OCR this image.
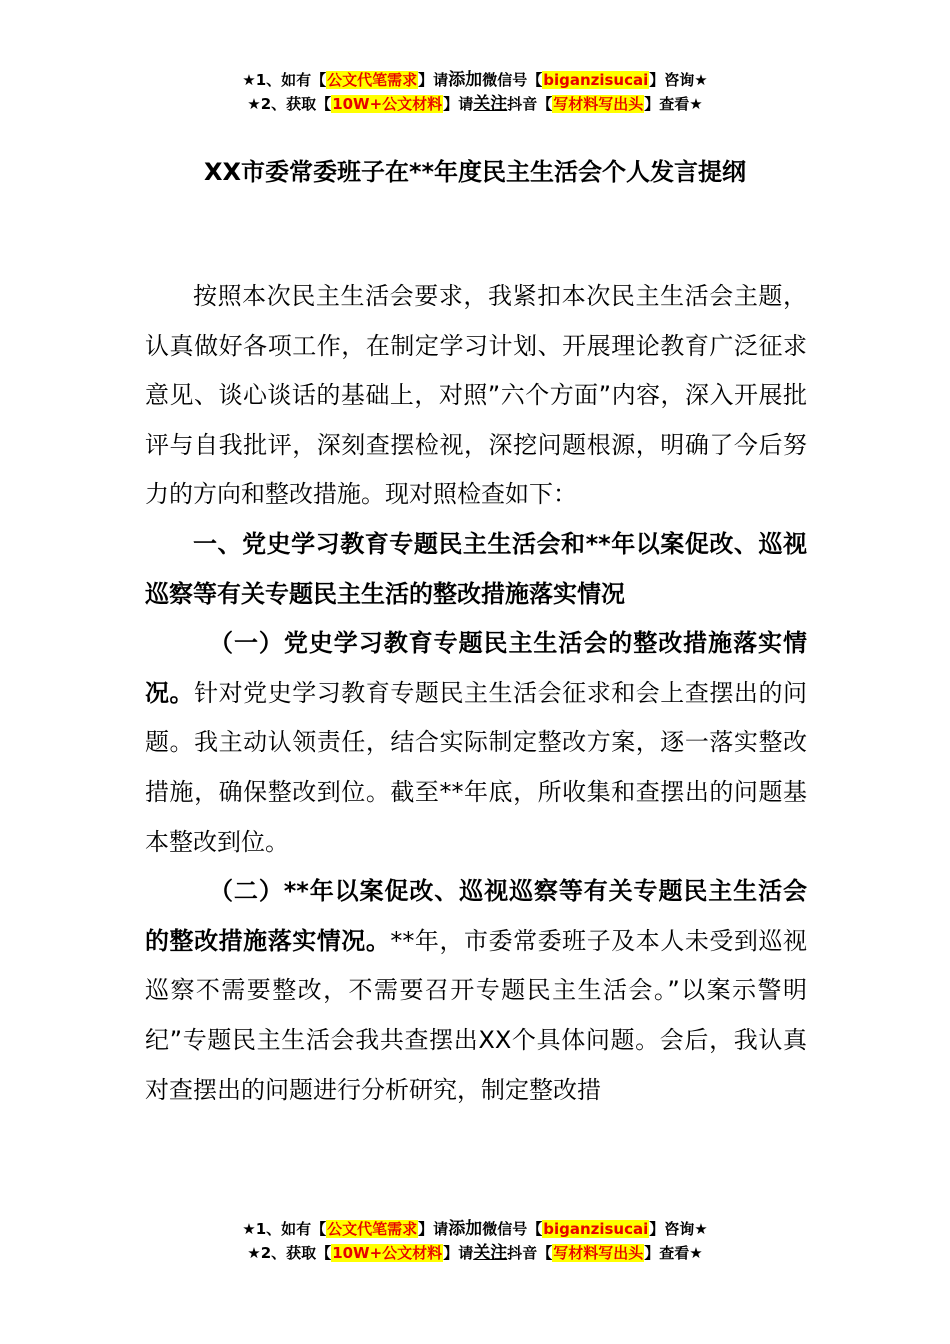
★1、如有【公文代笔需求】请添加微信号【biganzisucai】咨询★
★2、获取【10W+公文材料】请关注抖音【写材料写出头】查看★
XX市委常委班子在**年度民主生活会个人发言提纲

按照本次民主生活会要求，我紧扣本次民主生活会主题，认真做好各项工作，在制定学习计划、开展理论教育广泛征求意见、谈心谈话的基础上，对照”六个方面”内容，深入开展批评与自我批评，深刻查摆检视，深挖问题根源，明确了今后努力的方向和整改措施。现对照检查如下：

一、党史学习教育专题民主生活会和**年以案促改、巡视巡察等有关专题民主生活的整改措施落实情况

（一）党史学习教育专题民主生活会的整改措施落实情况。针对党史学习教育专题民主生活会征求和会上查摆出的问题。我主动认领责任，结合实际制定整改方案，逐一落实整改措施，确保整改到位。截至**年底，所收集和查摆出的问题基本整改到位。

（二）**年以案促改、巡视巡察等有关专题民主生活会的整改措施落实情况。**年，市委常委班子及本人未受到巡视巡察不需要整改，不需要召开专题民主生活会。”以案示警明纪”专题民主生活会我共查摆出XX个具体问题。会后，我认真对查摆出的问题进行分析研究，制定整改措

★1、如有【公文代笔需求】请添加微信号【biganzisucai】咨询★
★2、获取【10W+公文材料】请关注抖音【写材料写出头】查看★
